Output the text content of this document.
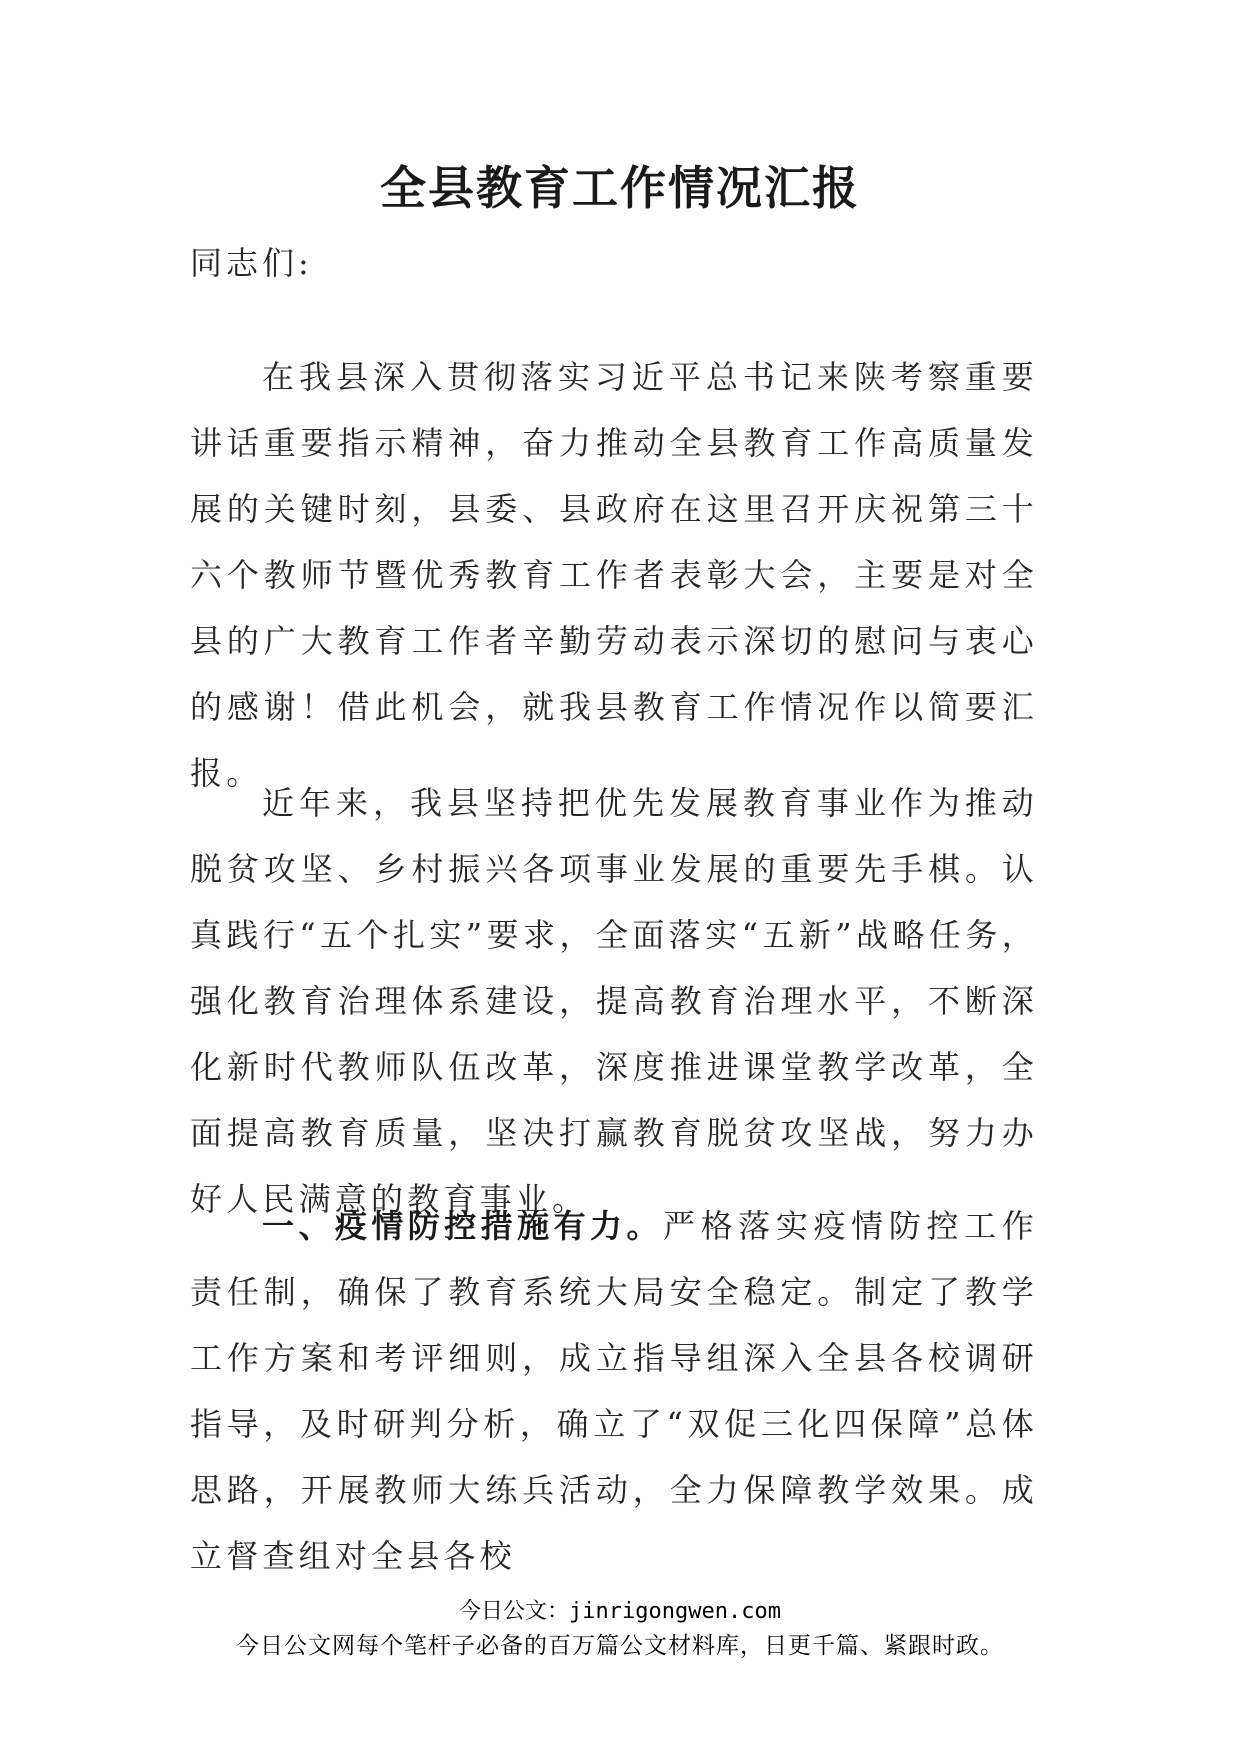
全县教育工作情况汇报
同志们:

在我县深入贯彻落实习近平总书记来陕考察重要讲话重要指示精神，奋力推动全县教育工作高质量发展的关键时刻，县委、县政府在这里召开庆祝第三十六个教师节暨优秀教育工作者表彰大会，主要是对全县的广大教育工作者辛勤劳动表示深切的慰问与衷心的感谢！借此机会，就我县教育工作情况作以简要汇报。

近年来，我县坚持把优先发展教育事业作为推动脱贫攻坚、乡村振兴各项事业发展的重要先手棋。认真践行“五个扎实”要求，全面落实“五新”战略任务，强化教育治理体系建设，提高教育治理水平，不断深化新时代教师队伍改革，深度推进课堂教学改革，全面提高教育质量，坚决打赢教育脱贫攻坚战，努力办好人民满意的教育事业。

一、疫情防控措施有力。严格落实疫情防控工作责任制，确保了教育系统大局安全稳定。制定了教学工作方案和考评细则，成立指导组深入全县各校调研指导，及时研判分析，确立了“双促三化四保障”总体思路，开展教师大练兵活动，全力保障教学效果。成立督查组对全县各校

今日公文：jinrigongwen.com
今日公文网每个笔杆子必备的百万篇公文材料库，日更千篇、紧跟时政。
